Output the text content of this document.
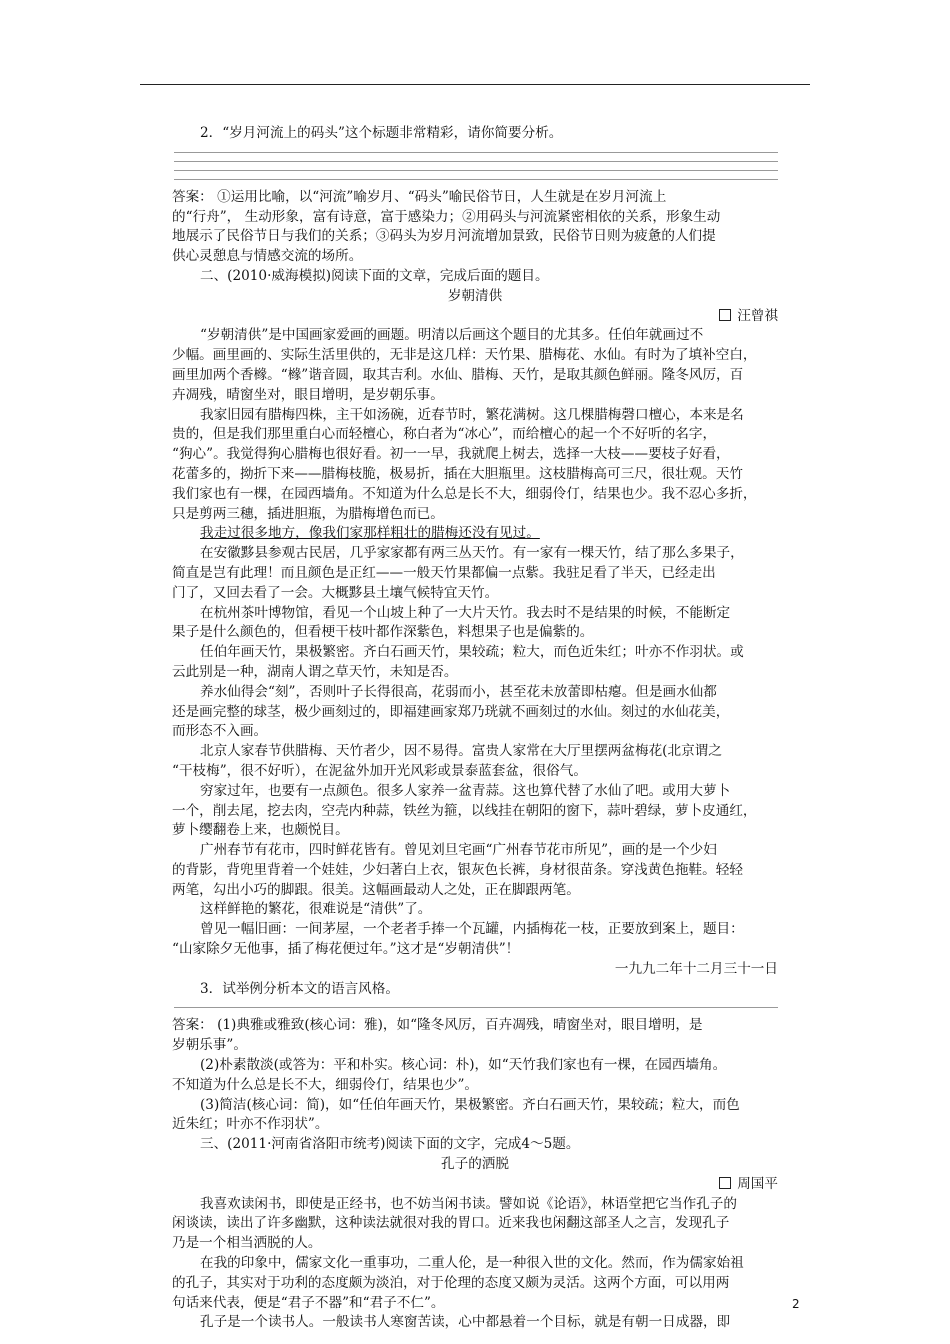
2．“岁月河流上的码头”这个标题非常精彩，请你简要分析。

答案： ①运用比喻，以“河流”喻岁月、“码头”喻民俗节日，人生就是在岁月河流上

的“行舟”， 生动形象，富有诗意，富于感染力；②用码头与河流紧密相依的关系，形象生动

地展示了民俗节日与我们的关系；③码头为岁月河流增加景致，民俗节日则为疲惫的人们提

供心灵憩息与情感交流的场所。

二、(2010·威海模拟)阅读下面的文章，完成后面的题目。

岁朝清供

汪曾祺

“岁朝清供”是中国画家爱画的画题。明清以后画这个题目的尤其多。任伯年就画过不

少幅。画里画的、实际生活里供的，无非是这几样：天竹果、腊梅花、水仙。有时为了填补空白，

画里加两个香橼。“橼”谐音圆，取其吉利。水仙、腊梅、天竹，是取其颜色鲜丽。隆冬风厉，百

卉凋残，晴窗坐对，眼目增明，是岁朝乐事。

我家旧园有腊梅四株，主干如汤碗，近春节时，繁花满树。这几棵腊梅磬口檀心，本来是名

贵的，但是我们那里重白心而轻檀心，称白者为“冰心”，而给檀心的起一个不好听的名字，

“狗心”。我觉得狗心腊梅也很好看。初一一早，我就爬上树去，选择一大枝——要枝子好看，

花蕾多的，拗折下来——腊梅枝脆，极易折，插在大胆瓶里。这枝腊梅高可三尺，很壮观。天竹

我们家也有一棵，在园西墙角。不知道为什么总是长不大，细弱伶仃，结果也少。我不忍心多折，

只是剪两三穗，插进胆瓶，为腊梅增色而已。

我走过很多地方，像我们家那样粗壮的腊梅还没有见过。

在安徽黟县参观古民居，几乎家家都有两三丛天竹。有一家有一棵天竹，结了那么多果子，

简直是岂有此理！而且颜色是正红——一般天竹果都偏一点紫。我驻足看了半天，已经走出

门了，又回去看了一会。大概黟县土壤气候特宜天竹。

在杭州茶叶博物馆，看见一个山坡上种了一大片天竹。我去时不是结果的时候，不能断定

果子是什么颜色的，但看梗干枝叶都作深紫色，料想果子也是偏紫的。

任伯年画天竹，果极繁密。齐白石画天竹，果较疏；粒大，而色近朱红；叶亦不作羽状。或

云此别是一种，湖南人谓之草天竹，未知是否。

养水仙得会“刻”，否则叶子长得很高，花弱而小，甚至花未放蕾即枯瘪。但是画水仙都

还是画完整的球茎，极少画刻过的，即福建画家郑乃珖就不画刻过的水仙。刻过的水仙花美，

而形态不入画。

北京人家春节供腊梅、天竹者少，因不易得。富贵人家常在大厅里摆两盆梅花(北京谓之

“干枝梅”，很不好听），在泥盆外加开光风彩或景泰蓝套盆，很俗气。

穷家过年，也要有一点颜色。很多人家养一盆青蒜。这也算代替了水仙了吧。或用大萝卜

一个，削去尾，挖去肉，空壳内种蒜，铁丝为箍，以线挂在朝阳的窗下，蒜叶碧绿，萝卜皮通红，

萝卜缨翻卷上来，也颇悦目。

广州春节有花市，四时鲜花皆有。曾见刘旦宅画“广州春节花市所见”，画的是一个少妇

的背影，背兜里背着一个娃娃，少妇著白上衣，银灰色长裤，身材很苗条。穿浅黄色拖鞋。轻轻

两笔，勾出小巧的脚跟。很美。这幅画最动人之处，正在脚跟两笔。

这样鲜艳的繁花，很难说是“清供”了。

曾见一幅旧画：一间茅屋，一个老者手捧一个瓦罐，内插梅花一枝，正要放到案上，题目：

“山家除夕无他事，插了梅花便过年。”这才是“岁朝清供”！

一九九二年十二月三十一日

3．试举例分析本文的语言风格。

答案： (1)典雅或雅致(核心词：雅)，如“隆冬风厉，百卉凋残，晴窗坐对，眼目增明，是

岁朝乐事”。

(2)朴素散淡(或答为：平和朴实。核心词：朴)，如“天竹我们家也有一棵，在园西墙角。

不知道为什么总是长不大，细弱伶仃，结果也少”。

(3)简洁(核心词：简)，如“任伯年画天竹，果极繁密。齐白石画天竹，果较疏；粒大，而色

近朱红；叶亦不作羽状”。

三、(2011·河南省洛阳市统考)阅读下面的文字，完成4～5题。

孔子的洒脱

周国平

我喜欢读闲书，即使是正经书，也不妨当闲书读。譬如说《论语》，林语堂把它当作孔子的

闲谈读，读出了许多幽默，这种读法就很对我的胃口。近来我也闲翻这部圣人之言，发现孔子

乃是一个相当洒脱的人。

在我的印象中，儒家文化一重事功，二重人伦，是一种很入世的文化。然而，作为儒家始祖

的孔子，其实对于功利的态度颇为淡泊，对于伦理的态度又颇为灵活。这两个方面，可以用两

句话来代表，便是“君子不器”和“君子不仁”。

孔子是一个读书人。一般读书人寒窗苦读，心中都悬着一个目标，就是有朝一日成器，即

2
